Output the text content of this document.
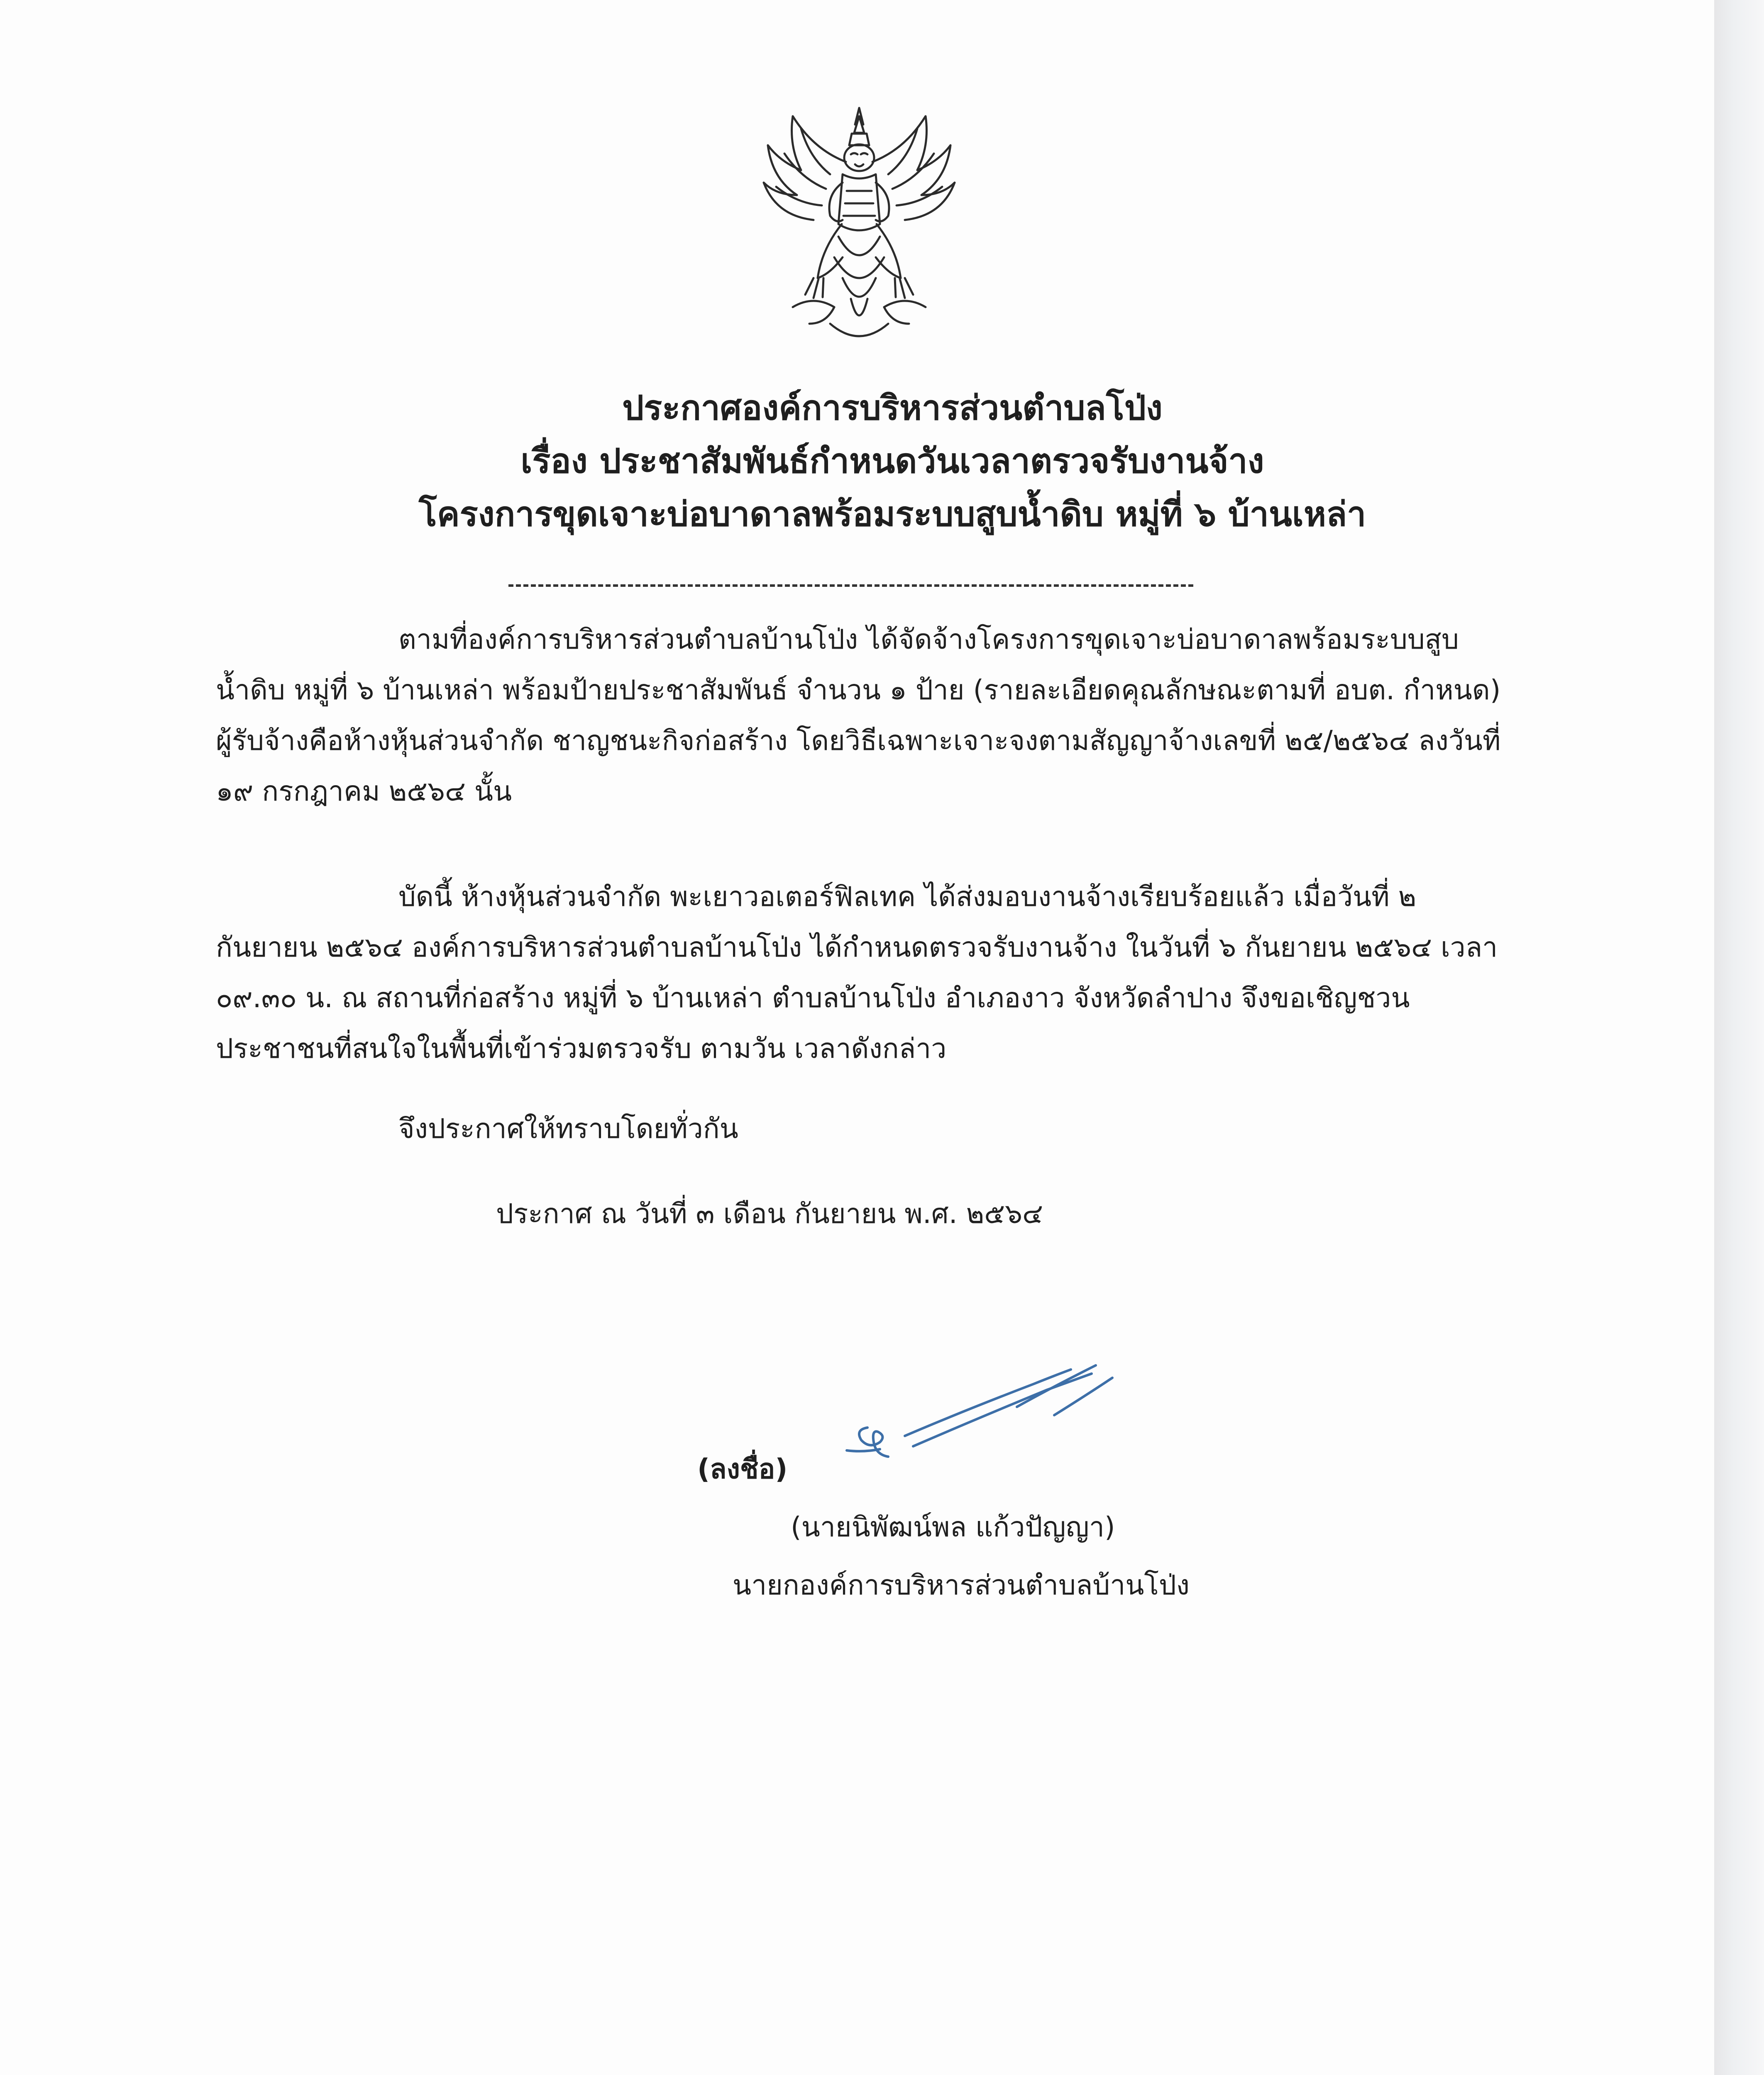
ประกาศองค์การบริหารส่วนตำบลโป่ง
เรื่อง ประชาสัมพันธ์กำหนดวันเวลาตรวจรับงานจ้าง
โครงการขุดเจาะบ่อบาดาลพร้อมระบบสูบน้ำดิบ หมู่ที่ ๖ บ้านเหล่า
ตามที่องค์การบริหารส่วนตำบลบ้านโป่ง ได้จัดจ้างโครงการขุดเจาะบ่อบาดาลพร้อมระบบสูบน้ำดิบ หมู่ที่ ๖ บ้านเหล่า พร้อมป้ายประชาสัมพันธ์ จำนวน ๑ ป้าย (รายละเอียดคุณลักษณะตามที่ อบต. กำหนด) ผู้รับจ้างคือห้างหุ้นส่วนจำกัด ชาญชนะกิจก่อสร้าง โดยวิธีเฉพาะเจาะจงตามสัญญาจ้างเลขที่ ๒๕/๒๕๖๔ ลงวันที่ ๑๙ กรกฎาคม ๒๕๖๔ นั้น
บัดนี้ ห้างหุ้นส่วนจำกัด พะเยาวอเตอร์ฟิลเทค ได้ส่งมอบงานจ้างเรียบร้อยแล้ว เมื่อวันที่ ๒ กันยายน ๒๕๖๔ องค์การบริหารส่วนตำบลบ้านโป่ง ได้กำหนดตรวจรับงานจ้าง ในวันที่ ๖ กันยายน ๒๕๖๔ เวลา ๐๙.๓๐ น. ณ สถานที่ก่อสร้าง หมู่ที่ ๖ บ้านเหล่า ตำบลบ้านโป่ง อำเภองาว จังหวัดลำปาง จึงขอเชิญชวนประชาชนที่สนใจในพื้นที่เข้าร่วมตรวจรับ ตามวัน เวลาดังกล่าว
จึงประกาศให้ทราบโดยทั่วกัน
ประกาศ ณ วันที่ ๓ เดือน กันยายน พ.ศ. ๒๕๖๔
(ลงชื่อ)
(นายนิพัฒน์พล แก้วปัญญา)
นายกองค์การบริหารส่วนตำบลบ้านโป่ง
